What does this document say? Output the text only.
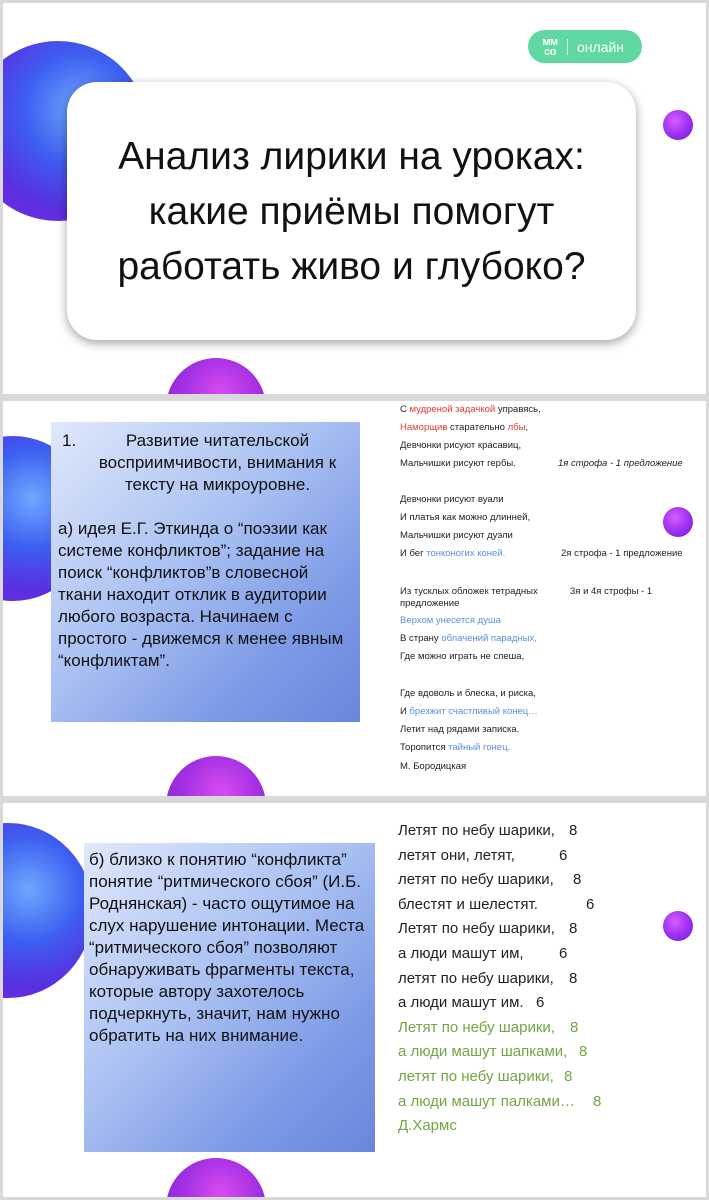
мм
со	онлайн
Анализ лирики на уроках:
какие приёмы помогут
работать живо и глубоко?
1.	Развитие читательской восприимчивости, внимания к тексту на микроуровне.
а) идея Е.Г. Эткинда о “поэзии как системе конфликтов”; задание на поиск “конфликтов”в словесной ткани находит отклик в аудитории любого возраста. Начинаем с простого - движемся к менее явным “конфликтам”.
С мудреной задачкой управясь,
Наморщив старательно лбы,
Девчонки рисуют красавиц,
Мальчишки рисуют гербы.	1я строфа - 1 предложение
Девчонки рисуют вуали
И платья как можно длинней,
Мальчишки рисуют дуэли
И бег тонконогих коней.	2я строфа - 1 предложение
Из тусклых обложек тетрадных	3я и 4я строфы - 1
предложение
Верхом унесется душа
В страну облачений парадных,
Где можно играть не спеша,
Где вдоволь и блеска, и риска,
И брезжит счастливый конец…
Летит над рядами записка.
Торопится тайный гонец.
М. Бородицкая
б) близко к понятию “конфликта” понятие “ритмического сбоя” (И.Б. Роднянская) - часто ощутимое на слух нарушение интонации. Места “ритмического сбоя” позволяют обнаруживать фрагменты текста, которые автору захотелось подчеркнуть, значит, нам нужно обратить на них внимание.
Летят по небу шарики, 8
летят они, летят,	6
летят по небу шарики, 8
блестят и шелестят.	6
Летят по небу шарики, 8
а люди машут им, 6
летят по небу шарики, 8
а люди машут им. 6
Летят по небу шарики, 8
а люди машут шапками, 8
летят по небу шарики, 8
а люди машут палками… 8
Д.Хармс
